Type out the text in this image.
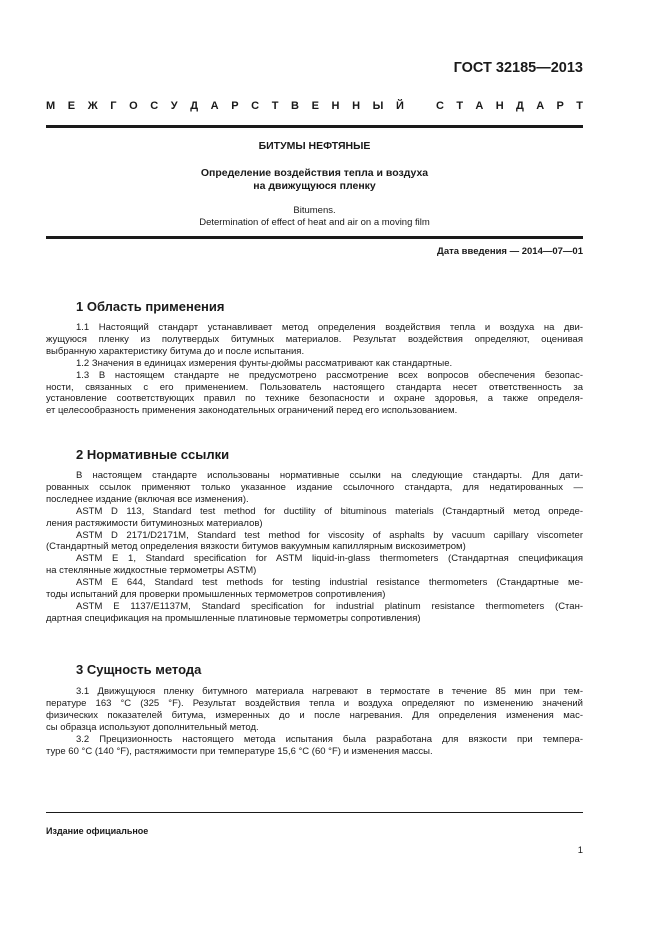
ГОСТ 32185—2013
М Е Ж Г О С У Д А Р С Т В Е Н Н Ы Й	С Т А Н Д А Р Т
БИТУМЫ НЕФТЯНЫЕ
Определение воздействия тепла и воздуха
на движущуюся пленку
Bitumens.
Determination of effect of heat and air on a moving film
Дата введения — 2014—07—01
1 Область применения

1.1 Настоящий стандарт устанавливает метод определения воздействия тепла и воздуха на дви-

жущуюся пленку из полутвердых битумных материалов. Результат воздействия определяют, оценивая

выбранную характеристику битума до и после испытания.

1.2 Значения в единицах измерения фунты-дюймы рассматривают как стандартные.

1.3 В настоящем стандарте не предусмотрено рассмотрение всех вопросов обеспечения безопас-

ности, связанных с его применением. Пользователь настоящего стандарта несет ответственность за

установление соответствующих правил по технике безопасности и охране здоровья, а также определя-

ет целесообразность применения законодательных ограничений перед его использованием.

2 Нормативные ссылки

В настоящем стандарте использованы нормативные ссылки на следующие стандарты. Для дати-

рованных ссылок применяют только указанное издание ссылочного стандарта, для недатированных —

последнее издание (включая все изменения).

ASTM D 113, Standard test method for ductility of bituminous materials (Стандартный метод опреде-

ления растяжимости битуминозных материалов)

ASTM D 2171/D2171M, Standard test method for viscosity of asphalts by vacuum capillary viscometer

(Стандартный метод определения вязкости битумов вакуумным капиллярным вискозиметром)

ASTM E 1, Standard specification for ASTM liquid-in-glass thermometers (Стандартная спецификация

на стеклянные жидкостные термометры ASTM)

ASTM E 644, Standard test methods for testing industrial resistance thermometers (Стандартные ме-

тоды испытаний для проверки промышленных термометров сопротивления)

ASTM E 1137/E1137M, Standard specification for industrial platinum resistance thermometers (Стан-

дартная спецификация на промышленные платиновые термометры сопротивления)

3 Сущность метода

3.1 Движущуюся пленку битумного материала нагревают в термостате в течение 85 мин при тем-

пературе 163 °C (325 °F). Результат воздействия тепла и воздуха определяют по изменению значений

физических показателей битума, измеренных до и после нагревания. Для определения изменения мас-

сы образца используют дополнительный метод.

3.2 Прецизионность настоящего метода испытания была разработана для вязкости при темпера-

туре 60 °C (140 °F), растяжимости при температуре 15,6 °C (60 °F) и изменения массы.

Издание официальное
1
